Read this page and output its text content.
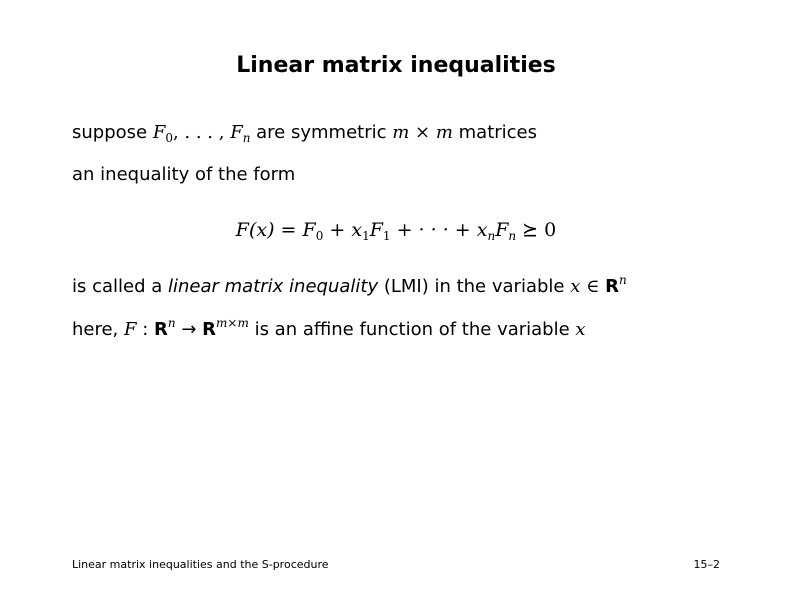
Linear matrix inequalities
suppose $F_0$, . . . , $F_n$ are symmetric m × m matrices
an inequality of the form
$F(x) = F_0 + x_1F_1$ + · · · + $x_nF_n$ ⪰ 0
is called a linear matrix inequality (LMI) in the variable x ∈ $R^n$
here, F : $R^n \to R^{m\times m}$ is an affine function of the variable x
Linear matrix inequalities and the S-procedure	15–2
